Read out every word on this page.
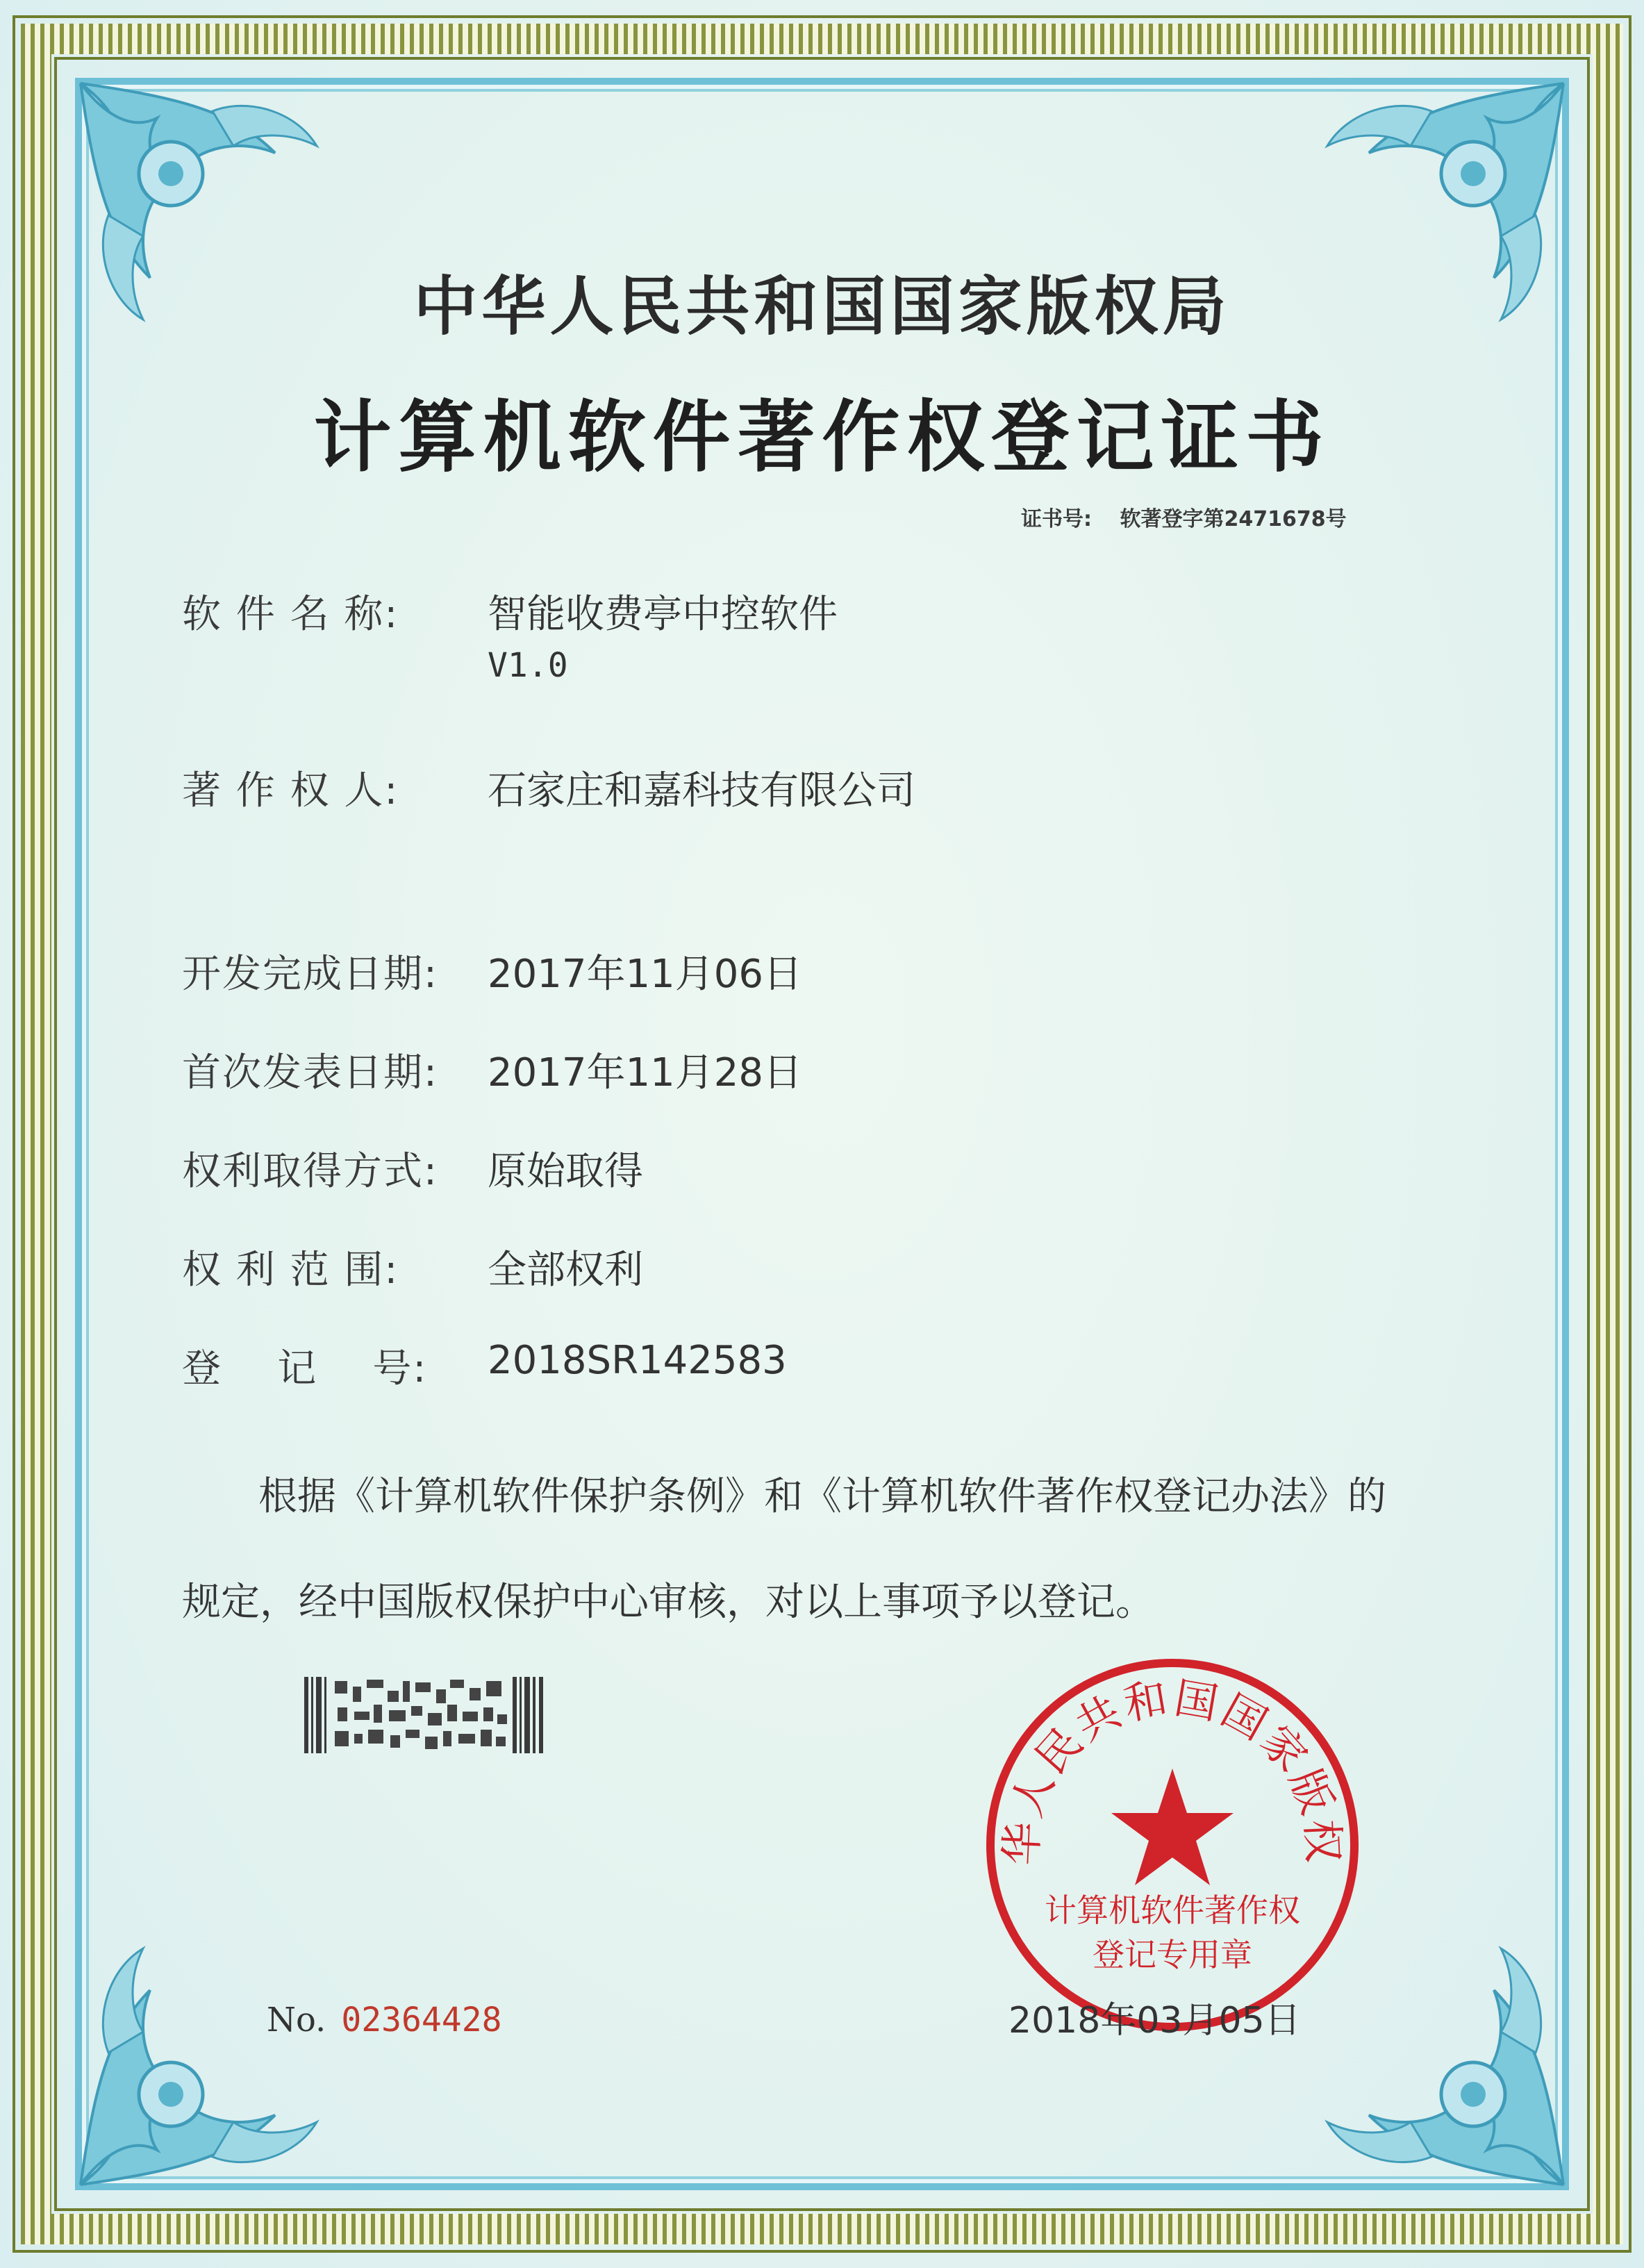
中华人民共和国国家版权局
计算机软件著作权登记证书
证书号: 软著登字第2471678号
软 件 名 称:	智能收费亭中控软件
V1.0
著 作 权 人:	石家庄和嘉科技有限公司
开发完成日期:	2017年11月06日
首次发表日期:	2017年11月28日
权利取得方式:	原始取得
权 利 范 围:	全部权利
登    记    号:	2018SR142583
根据《计算机软件保护条例》和《计算机软件著作权登记办法》的
规定，经中国版权保护中心审核，对以上事项予以登记。
No. 02364428
华人民共和国国家版权
计算机软件著作权
登记专用章
2018年03月05日
